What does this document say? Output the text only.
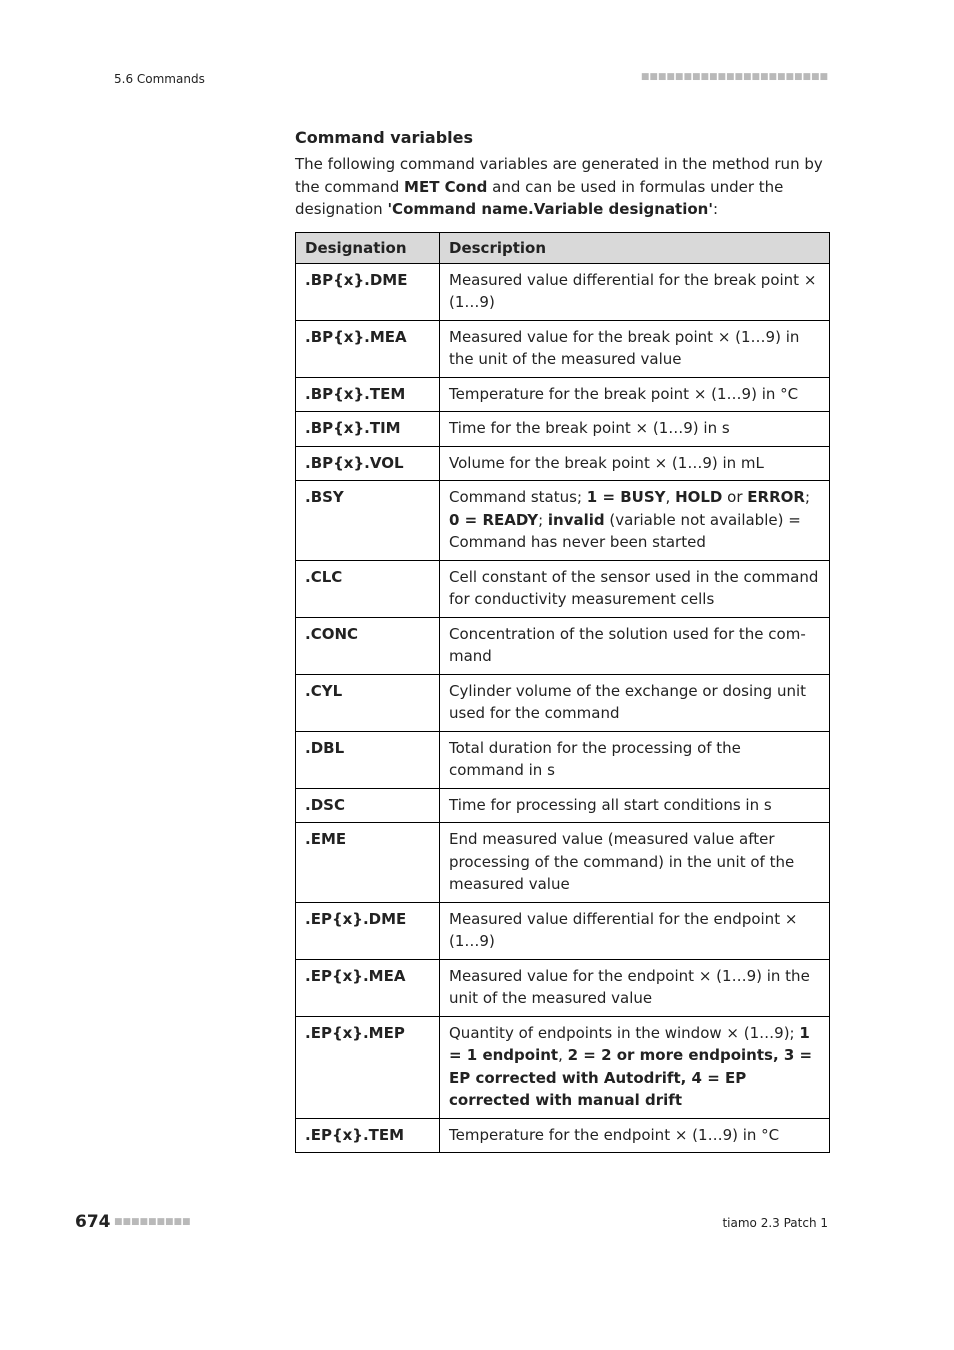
5.6 Commands	■■■■■■■■■■■■■■■■■■■■■■
Command variables

The following command variables are generated in the method run by the command MET Cond and can be used in formulas under the designation 'Command name.Variable designation':

Designation	Description
.BP{x}.DME	Measured value differential for the break point × (1…9)
.BP{x}.MEA	Measured value for the break point × (1…9) in the unit of the measured value
.BP{x}.TEM	Temperature for the break point × (1…9) in °C
.BP{x}.TIM	Time for the break point × (1…9) in s
.BP{x}.VOL	Volume for the break point × (1…9) in mL
.BSY	Command status; 1 = BUSY, HOLD or ERROR; 0 = READY; invalid (variable not available) = Command has never been started
.CLC	Cell constant of the sensor used in the command for conductivity measurement cells
.CONC	Concentration of the solution used for the command
.CYL	Cylinder volume of the exchange or dosing unit used for the command
.DBL	Total duration for the processing of the command in s
.DSC	Time for processing all start conditions in s
.EME	End measured value (measured value after processing of the command) in the unit of the measured value
.EP{x}.DME	Measured value differential for the endpoint × (1…9)
.EP{x}.MEA	Measured value for the endpoint × (1…9) in the unit of the measured value
.EP{x}.MEP	Quantity of endpoints in the window × (1…9); 1 = 1 endpoint, 2 = 2 or more endpoints, 3 = EP corrected with Autodrift, 4 = EP corrected with manual drift
.EP{x}.TEM	Temperature for the endpoint × (1…9) in °C
674 ■■■■■■■■■	tiamo 2.3 Patch 1
